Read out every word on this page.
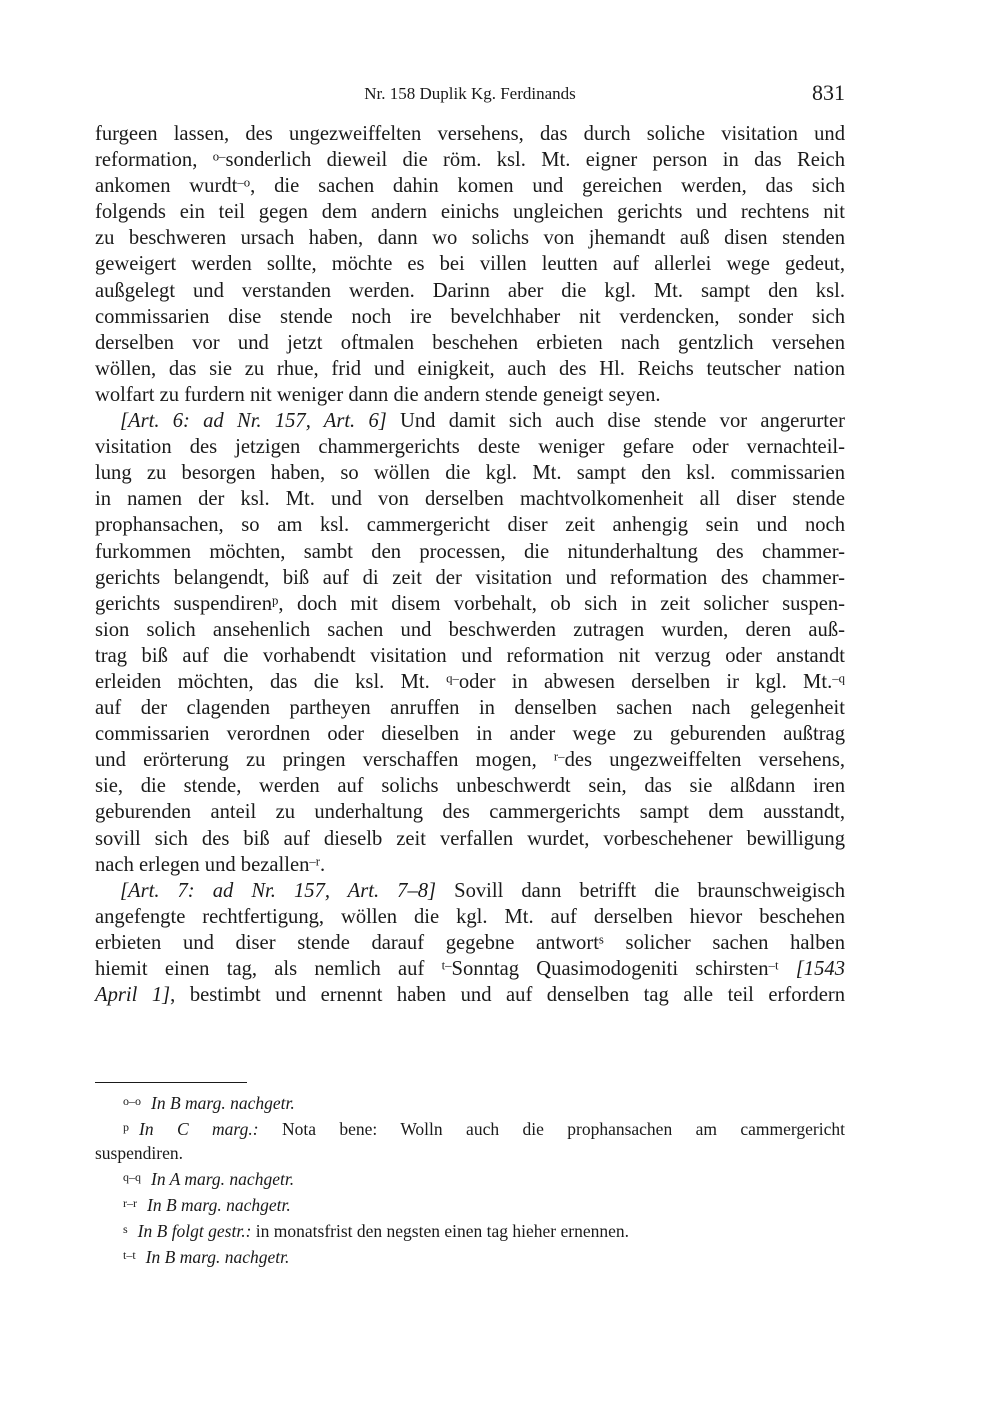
Nr. 158 Duplik Kg. Ferdinands	831
furgeen lassen, des ungezweiffelten versehens, das durch soliche visitation und
reformation, $^{o-}$sonderlich dieweil die röm. ksl. Mt. eigner person in das Reich
ankomen wurdt$^{-o}$, die sachen dahin komen und gereichen werden, das sich
folgends ein teil gegen dem andern einichs ungleichen gerichts und rechtens nit
zu beschweren ursach haben, dann wo solichs von jhemandt auß disen stenden
geweigert werden sollte, möchte es bei villen leutten auf allerlei wege gedeut,
außgelegt und verstanden werden. Darinn aber die kgl. Mt. sampt den ksl.
commissarien dise stende noch ire bevelchhaber nit verdencken, sonder sich
derselben vor und jetzt oftmalen beschehen erbieten nach gentzlich versehen
wöllen, das sie zu rhue, frid und einigkeit, auch des Hl. Reichs teutscher nation
wolfart zu furdern nit weniger dann die andern stende geneigt seyen.
[Art. 6: ad Nr. 157, Art. 6] Und damit sich auch dise stende vor angerurter
visitation des jetzigen chammergerichts deste weniger gefare oder vernachteil-
lung zu besorgen haben, so wöllen die kgl. Mt. sampt den ksl. commissarien
in namen der ksl. Mt. und von derselben machtvolkomenheit all diser stende
prophansachen, so am ksl. cammergericht diser zeit anhengig sein und noch
furkommen möchten, sambt den processen, die nitunderhaltung des chammer-
gerichts belangendt, biß auf di zeit der visitation und reformation des chammer-
gerichts suspendiren$^p$, doch mit disem vorbehalt, ob sich in zeit solicher suspen-
sion solich ansehenlich sachen und beschwerden zutragen wurden, deren auß-
trag biß auf die vorhabendt visitation und reformation nit verzug oder anstandt
erleiden möchten, das die ksl. Mt. $^{q-}$oder in abwesen derselben ir kgl. Mt.$^{-q}$
auf der clagenden partheyen anruffen in denselben sachen nach gelegenheit
commissarien verordnen oder dieselben in ander wege zu geburenden außtrag
und erörterung zu pringen verschaffen mogen, $^{r-}$des ungezweiffelten versehens,
sie, die stende, werden auf solichs unbeschwerdt sein, das sie alßdann iren
geburenden anteil zu underhaltung des cammergerichts sampt dem ausstandt,
sovill sich des biß auf dieselb zeit verfallen wurdet, vorbeschehener bewilligung
nach erlegen und bezallen$^{-r}$.
[Art. 7: ad Nr. 157, Art. 7–8] Sovill dann betrifft die braunschweigisch
angefengte rechtfertigung, wöllen die kgl. Mt. auf derselben hievor beschehen
erbieten und diser stende darauf gegebne antwort$^s$ solicher sachen halben
hiemit einen tag, als nemlich auf $^{t-}$Sonntag Quasimodogeniti schirsten$^{-t}$ [1543
April 1], bestimbt und ernennt haben und auf denselben tag alle teil erfordern
o–o In B marg. nachgetr.
p In C marg.: Nota bene: Wolln auch die prophansachen am cammergericht
suspendiren.
q–q In A marg. nachgetr.
r–r In B marg. nachgetr.
s In B folgt gestr.: in monatsfrist den negsten einen tag hieher ernennen.
t–t In B marg. nachgetr.
